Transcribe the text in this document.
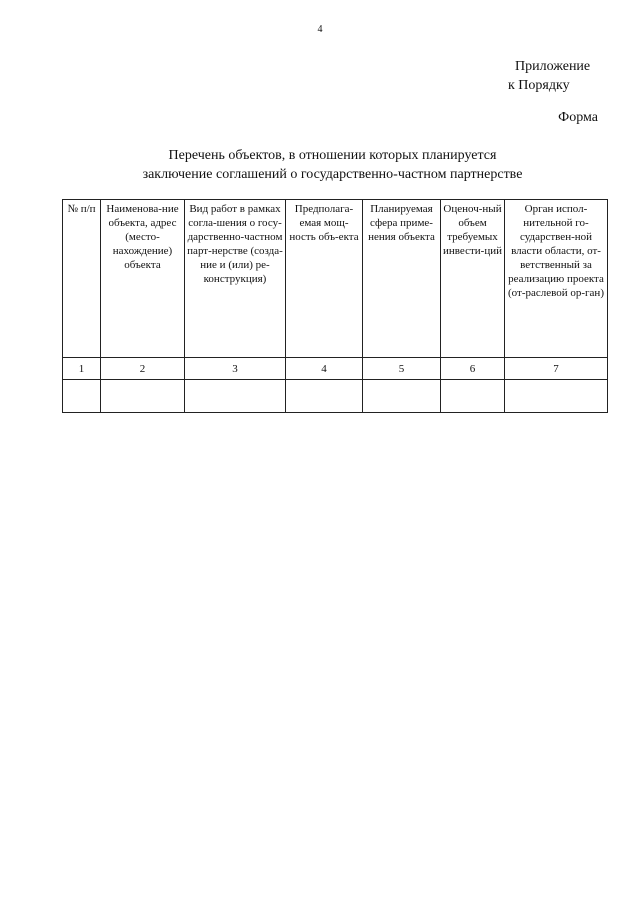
4
Приложение
к Порядку
Форма
Перечень объектов, в отношении которых планируется
заключение соглашений о государственно-частном партнерстве
№ п/п	Наименова-ние объекта, адрес (место-нахождение) объекта	Вид работ в рамках согла-шения о госу-дарственно-частном парт-нерстве (созда-ние и (или) ре-конструкция)	Предполага-емая мощ-ность объ-екта	Планируемая сфера приме-нения объекта	Оценоч-ный объем требуемых инвести-ций	Орган испол-нительной го-сударствен-ной власти области, от-ветственный за реализацию проекта (от-раслевой ор-ган)
1	2	3	4	5	6	7
